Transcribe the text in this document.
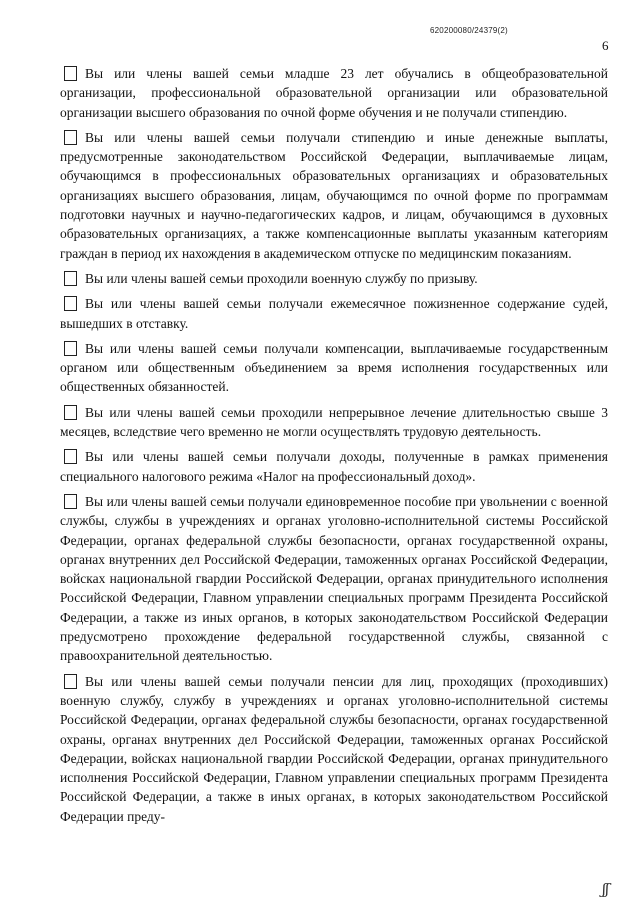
620200080/24379(2)
6

Вы или члены вашей семьи младше 23 лет обучались в общеобразовательной организации, профессиональной образовательной организации или образовательной организации высшего образования по очной форме обучения и не получали стипендию.

Вы или члены вашей семьи получали стипендию и иные денежные выплаты, предусмотренные законодательством Российской Федерации, выплачиваемые лицам, обучающимся в профессиональных образовательных организациях и образовательных организациях высшего образования, лицам, обучающимся по очной форме по программам подготовки научных и научно-педагогических кадров, и лицам, обучающимся в духовных образовательных организациях, а также компенсационные выплаты указанным категориям граждан в период их нахождения в академическом отпуске по медицинским показаниям.

Вы или члены вашей семьи проходили военную службу по призыву.

Вы или члены вашей семьи получали ежемесячное пожизненное содержание судей, вышедших в отставку.

Вы или члены вашей семьи получали компенсации, выплачиваемые государственным органом или общественным объединением за время исполнения государственных или общественных обязанностей.

Вы или члены вашей семьи проходили непрерывное лечение длительностью свыше 3 месяцев, вследствие чего временно не могли осуществлять трудовую деятельность.

Вы или члены вашей семьи получали доходы, полученные в рамках применения специального налогового режима «Налог на профессиональный доход».

Вы или члены вашей семьи получали единовременное пособие при увольнении с военной службы, службы в учреждениях и органах уголовно-исполнительной системы Российской Федерации, органах федеральной службы безопасности, органах государственной охраны, органах внутренних дел Российской Федерации, таможенных органах Российской Федерации, войсках национальной гвардии Российской Федерации, органах принудительного исполнения Российской Федерации, Главном управлении специальных программ Президента Российской Федерации, а также из иных органов, в которых законодательством Российской Федерации предусмотрено прохождение федеральной государственной службы, связанной с правоохранительной деятельностью.

Вы или члены вашей семьи получали пенсии для лиц, проходящих (проходивших) военную службу, службу в учреждениях и органах уголовно-исполнительной системы Российской Федерации, органах федеральной службы безопасности, органах государственной охраны, органах внутренних дел Российской Федерации, таможенных органах Российской Федерации, войсках национальной гвардии Российской Федерации, органах принудительного исполнения Российской Федерации, Главном управлении специальных программ Президента Российской Федерации, а также в иных органах, в которых законодательством Российской Федерации преду-

ʃʃ
